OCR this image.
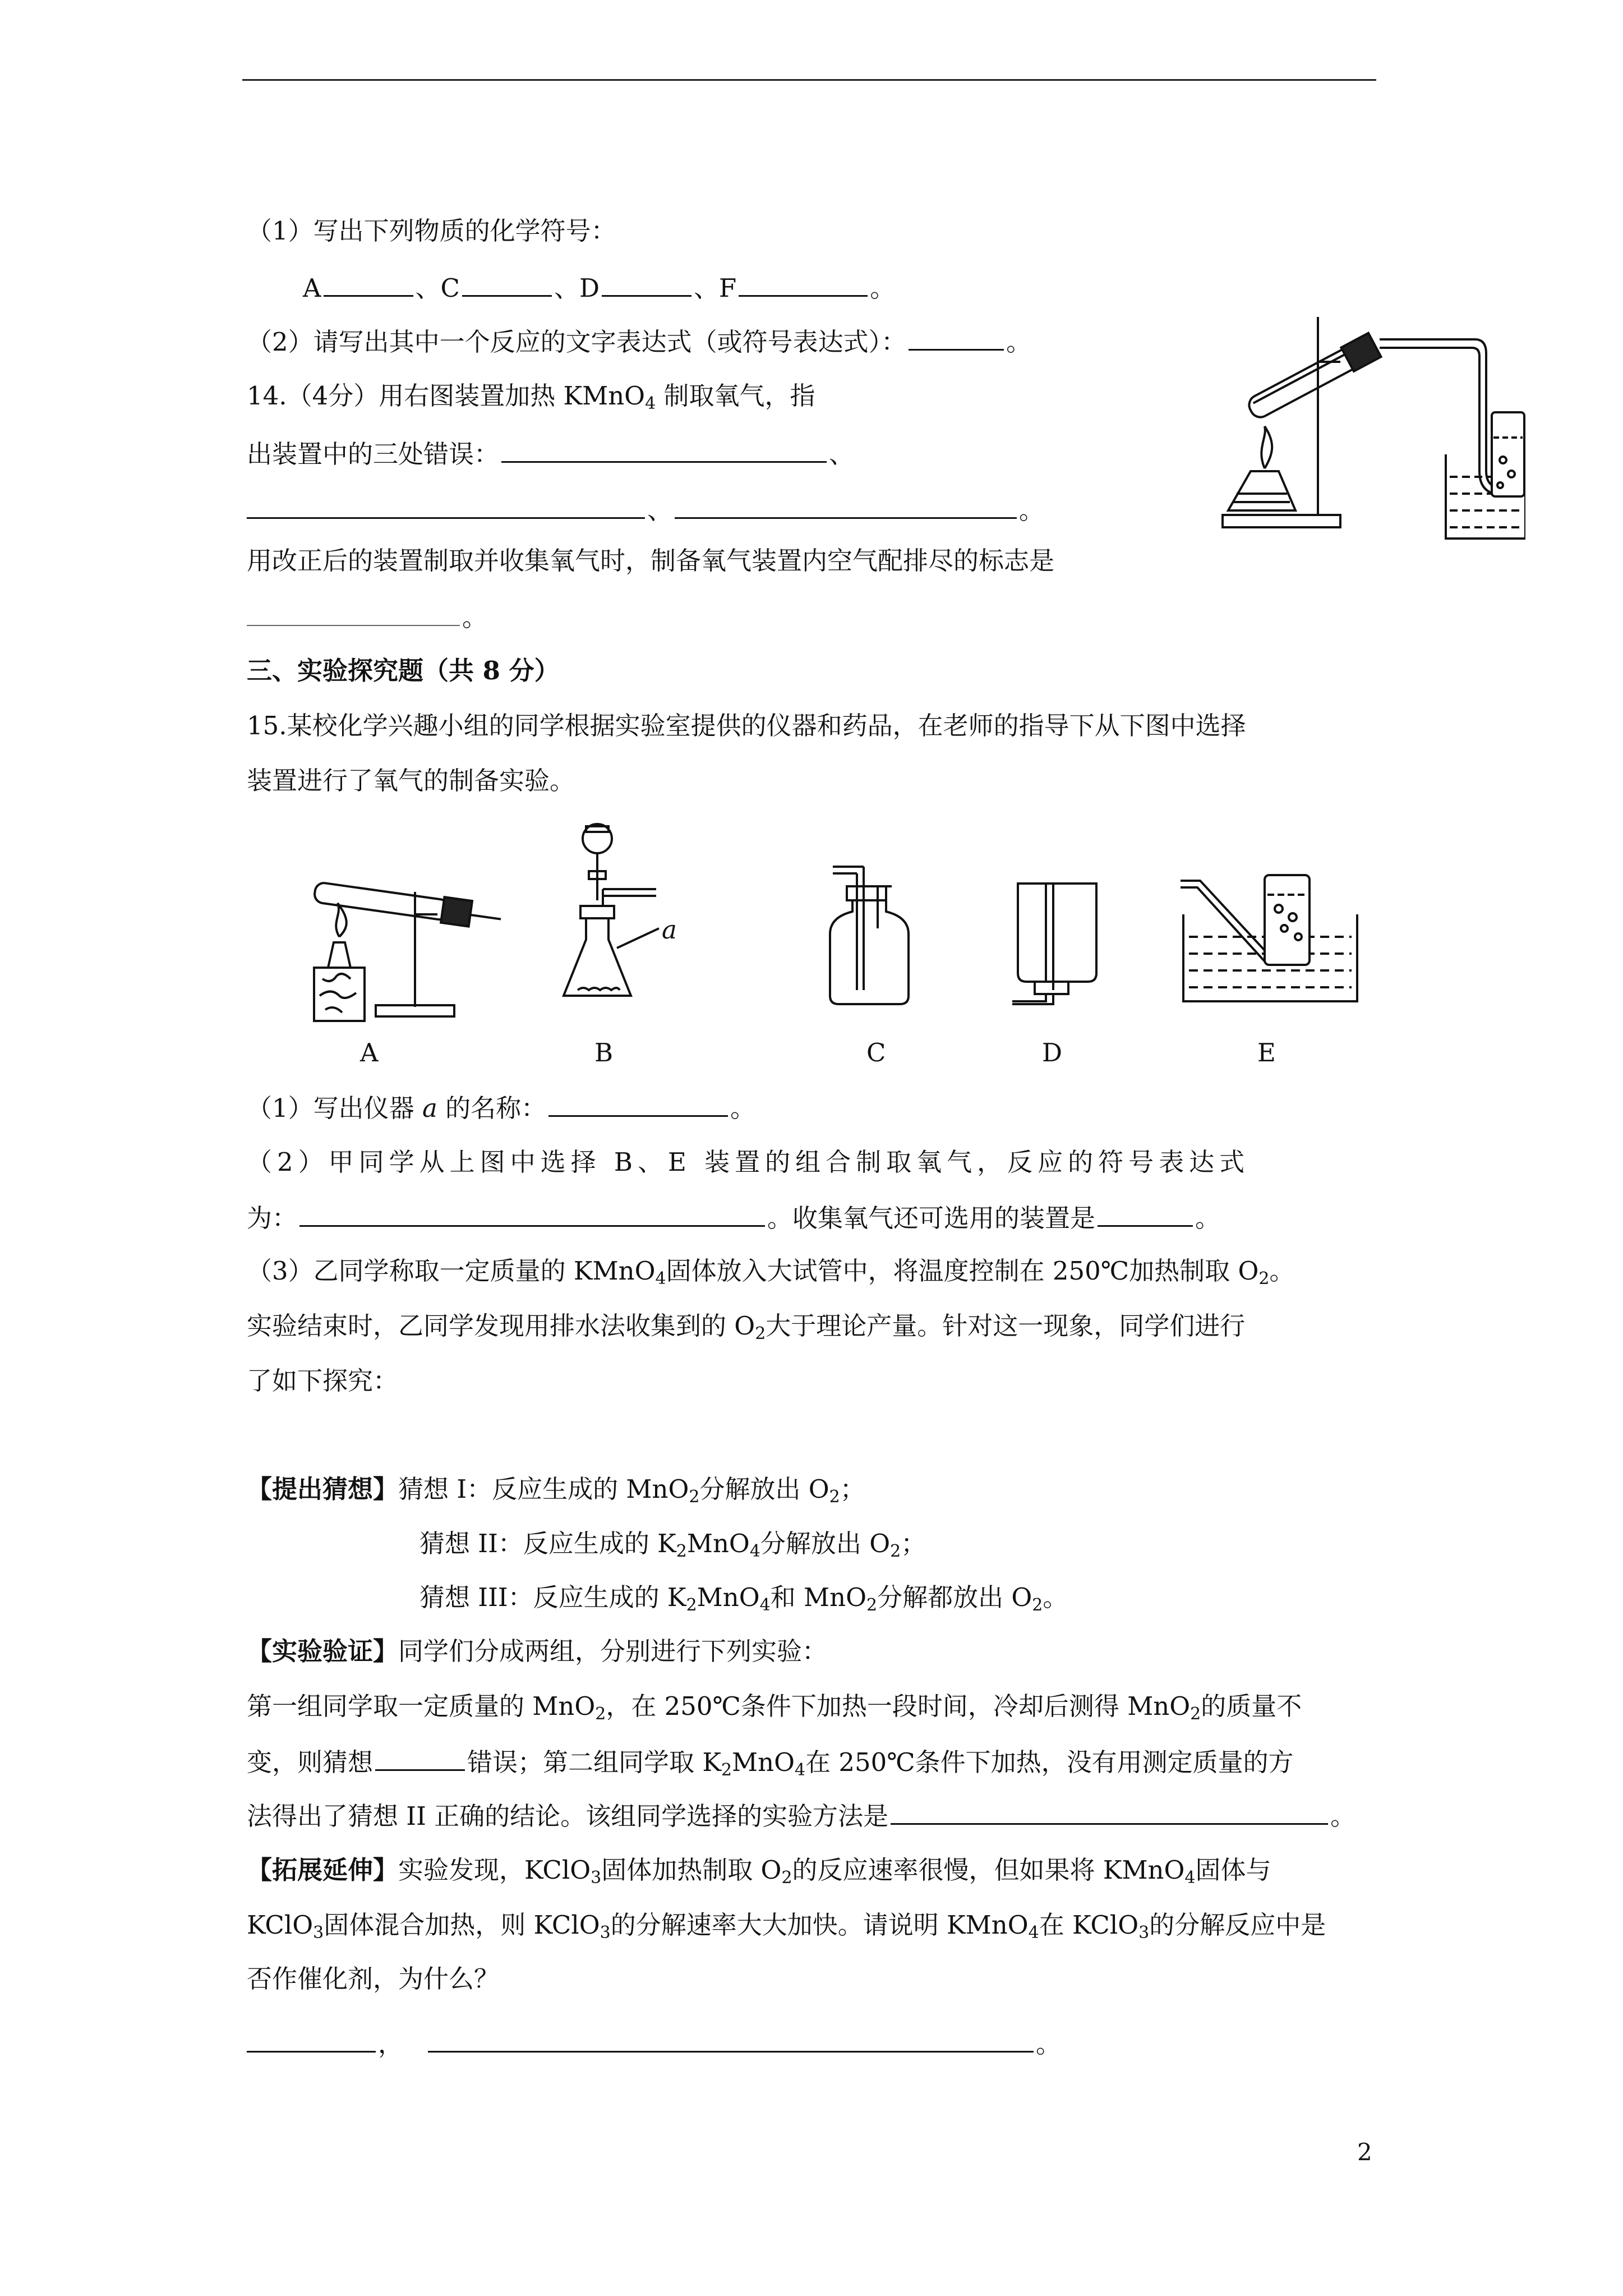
（1）写出下列物质的化学符号：
A	、C	、D	、F	。
（2）请写出其中一个反应的文字表达式（或符号表达式）：	。
14.（4分）用右图装置加热 KMnO$_4$ 制取氧气，指
出装置中的三处错误：	、
、	。
用改正后的装置制取并收集氧气时，制备氧气装置内空气配排尽的标志是
。
三、实验探究题（共 8 分）
15.某校化学兴趣小组的同学根据实验室提供的仪器和药品，在老师的指导下从下图中选择
装置进行了氧气的制备实验。
a
A	B	C	D	E
（1）写出仪器 a 的名称：	。
（2）甲同学从上图中选择 B、E 装置的组合制取氧气，反应的符号表达式
为：	。收集氧气还可选用的装置是	。
（3）乙同学称取一定质量的 KMnO$_4$固体放入大试管中，将温度控制在 250℃加热制取 $O_2$。
实验结束时，乙同学发现用排水法收集到的 $O_2$大于理论产量。针对这一现象，同学们进行
了如下探究：
【提出猜想】猜想 I：反应生成的 MnO$_2$分解放出 $O_2$；
猜想 II：反应生成的 $K_2MnO_4$分解放出 $O_2$；
猜想 III：反应生成的 $K_2MnO_4$和 MnO$_2$分解都放出 $O_2$。
【实验验证】同学们分成两组，分别进行下列实验：
第一组同学取一定质量的 MnO$_2$，在 250℃条件下加热一段时间，冷却后测得 MnO$_2$的质量不
变，则猜想	错误；第二组同学取 $K_2MnO_4$在 250℃条件下加热，没有用测定质量的方
法得出了猜想 II 正确的结论。该组同学选择的实验方法是	。
【拓展延伸】实验发现，KClO$_3$固体加热制取 $O_2$的反应速率很慢，但如果将 KMnO$_4$固体与
KClO$_3$固体混合加热，则 KClO$_3$的分解速率大大加快。请说明 KMnO$_4$在 KClO$_3$的分解反应中是
否作催化剂，为什么？
，	。
2
